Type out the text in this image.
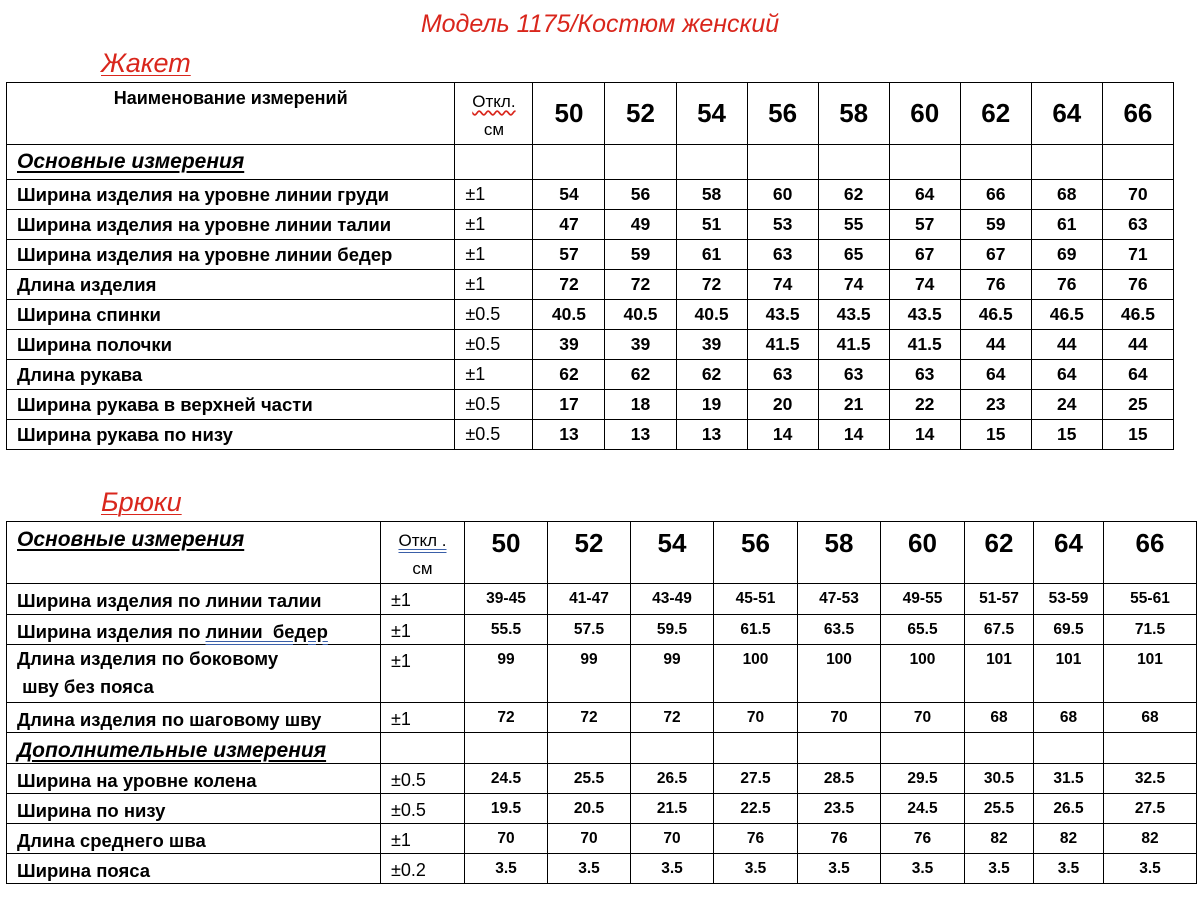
Модель 1175/Костюм женский
Жакет
Наименование измерений	Откл.
см	50	52	54	56	58	60	62	64	66
Основные измерения										
Ширина изделия на уровне линии груди	±1	54	56	58	60	62	64	66	68	70
Ширина изделия на уровне линии талии	±1	47	49	51	53	55	57	59	61	63
Ширина изделия на уровне линии бедер	±1	57	59	61	63	65	67	67	69	71
Длина изделия	±1	72	72	72	74	74	74	76	76	76
Ширина спинки	±0.5	40.5	40.5	40.5	43.5	43.5	43.5	46.5	46.5	46.5
Ширина полочки	±0.5	39	39	39	41.5	41.5	41.5	44	44	44
Длина рукава	±1	62	62	62	63	63	63	64	64	64
Ширина рукава в верхней части	±0.5	17	18	19	20	21	22	23	24	25
Ширина рукава по низу	±0.5	13	13	13	14	14	14	15	15	15
Брюки
Основные измерения	Откл .
см	50	52	54	56	58	60	62	64	66
Ширина изделия по линии талии	±1	39-45	41-47	43-49	45-51	47-53	49-55	51-57	53-59	55-61
Ширина изделия по линии  бедер	±1	55.5	57.5	59.5	61.5	63.5	65.5	67.5	69.5	71.5

Длина изделия по боковому
шву без пояса	±1	99	99	99	100	100	100	101	101	101
Длина изделия по шаговому шву	±1	72	72	72	70	70	70	68	68	68
Дополнительные измерения										
Ширина на уровне колена	±0.5	24.5	25.5	26.5	27.5	28.5	29.5	30.5	31.5	32.5
Ширина по низу	±0.5	19.5	20.5	21.5	22.5	23.5	24.5	25.5	26.5	27.5
Длина среднего шва	±1	70	70	70	76	76	76	82	82	82
Ширина пояса	±0.2	3.5	3.5	3.5	3.5	3.5	3.5	3.5	3.5	3.5
